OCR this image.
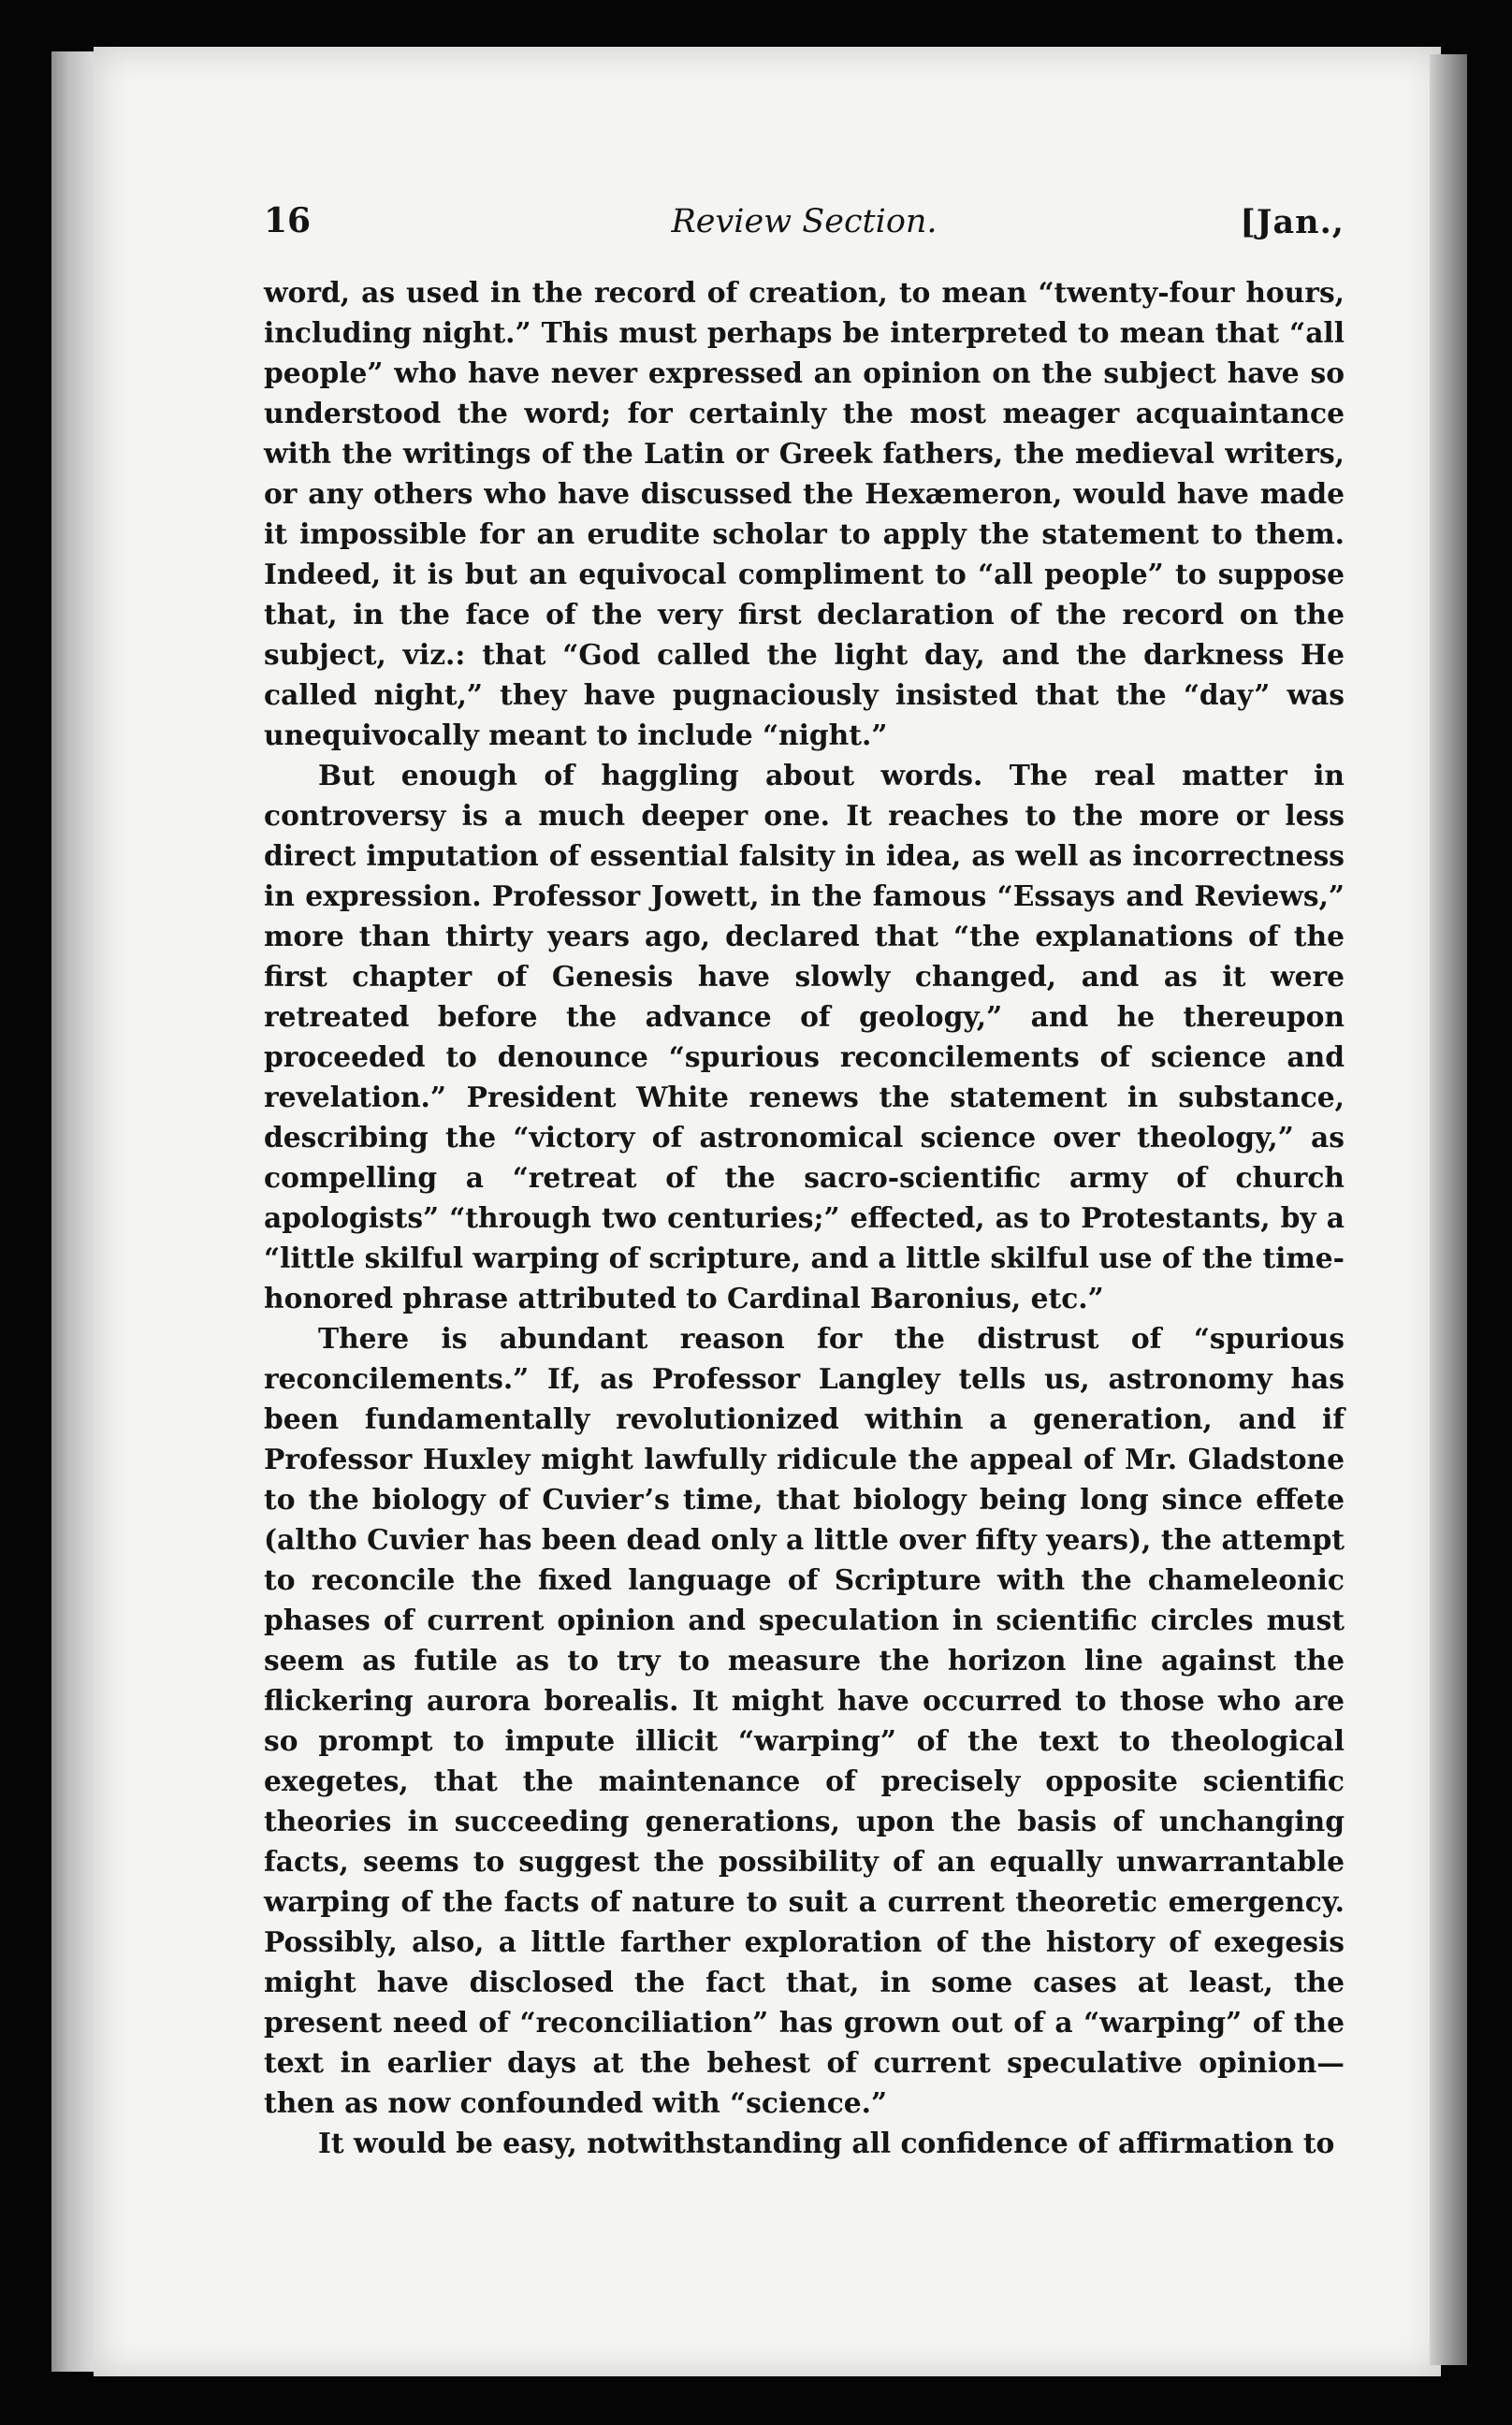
16	Review Section.	[Jan.,

word, as used in the record of creation, to mean “twenty-four hours, including night.” This must perhaps be interpreted to mean that “all people” who have never expressed an opinion on the subject have so understood the word; for certainly the most meager acquaintance with the writings of the Latin or Greek fathers, the medieval writers, or any others who have discussed the Hexæmeron, would have made it impossible for an erudite scholar to apply the statement to them. Indeed, it is but an equivocal compliment to “all people” to suppose that, in the face of the very first declaration of the record on the subject, viz.: that “God called the light day, and the darkness He called night,” they have pugnaciously insisted that the “day” was unequivocally meant to include “night.”

But enough of haggling about words. The real matter in controversy is a much deeper one. It reaches to the more or less direct imputation of essential falsity in idea, as well as incorrectness in expression. Professor Jowett, in the famous “Essays and Reviews,” more than thirty years ago, declared that “the explanations of the first chapter of Genesis have slowly changed, and as it were retreated before the advance of geology,” and he thereupon proceeded to denounce “spurious reconcilements of science and revelation.” President White renews the statement in substance, describing the “victory of astronomical science over theology,” as compelling a “retreat of the sacro-scientific army of church apologists” “through two centuries;” effected, as to Protestants, by a “little skilful warping of scripture, and a little skilful use of the time-honored phrase attributed to Cardinal Baronius, etc.”

There is abundant reason for the distrust of “spurious reconcilements.” If, as Professor Langley tells us, astronomy has been fundamentally revolutionized within a generation, and if Professor Huxley might lawfully ridicule the appeal of Mr. Gladstone to the biology of Cuvier’s time, that biology being long since effete (altho Cuvier has been dead only a little over fifty years), the attempt to reconcile the fixed language of Scripture with the chameleonic phases of current opinion and speculation in scientific circles must seem as futile as to try to measure the horizon line against the flickering aurora borealis. It might have occurred to those who are so prompt to impute illicit “warping” of the text to theological exegetes, that the maintenance of precisely opposite scientific theories in succeeding generations, upon the basis of unchanging facts, seems to suggest the possibility of an equally unwarrantable warping of the facts of nature to suit a current theoretic emergency. Possibly, also, a little farther exploration of the history of exegesis might have disclosed the fact that, in some cases at least, the present need of “reconciliation” has grown out of a “warping” of the text in earlier days at the behest of current speculative opinion—then as now confounded with “science.”

It would be easy, notwithstanding all confidence of affirmation to
